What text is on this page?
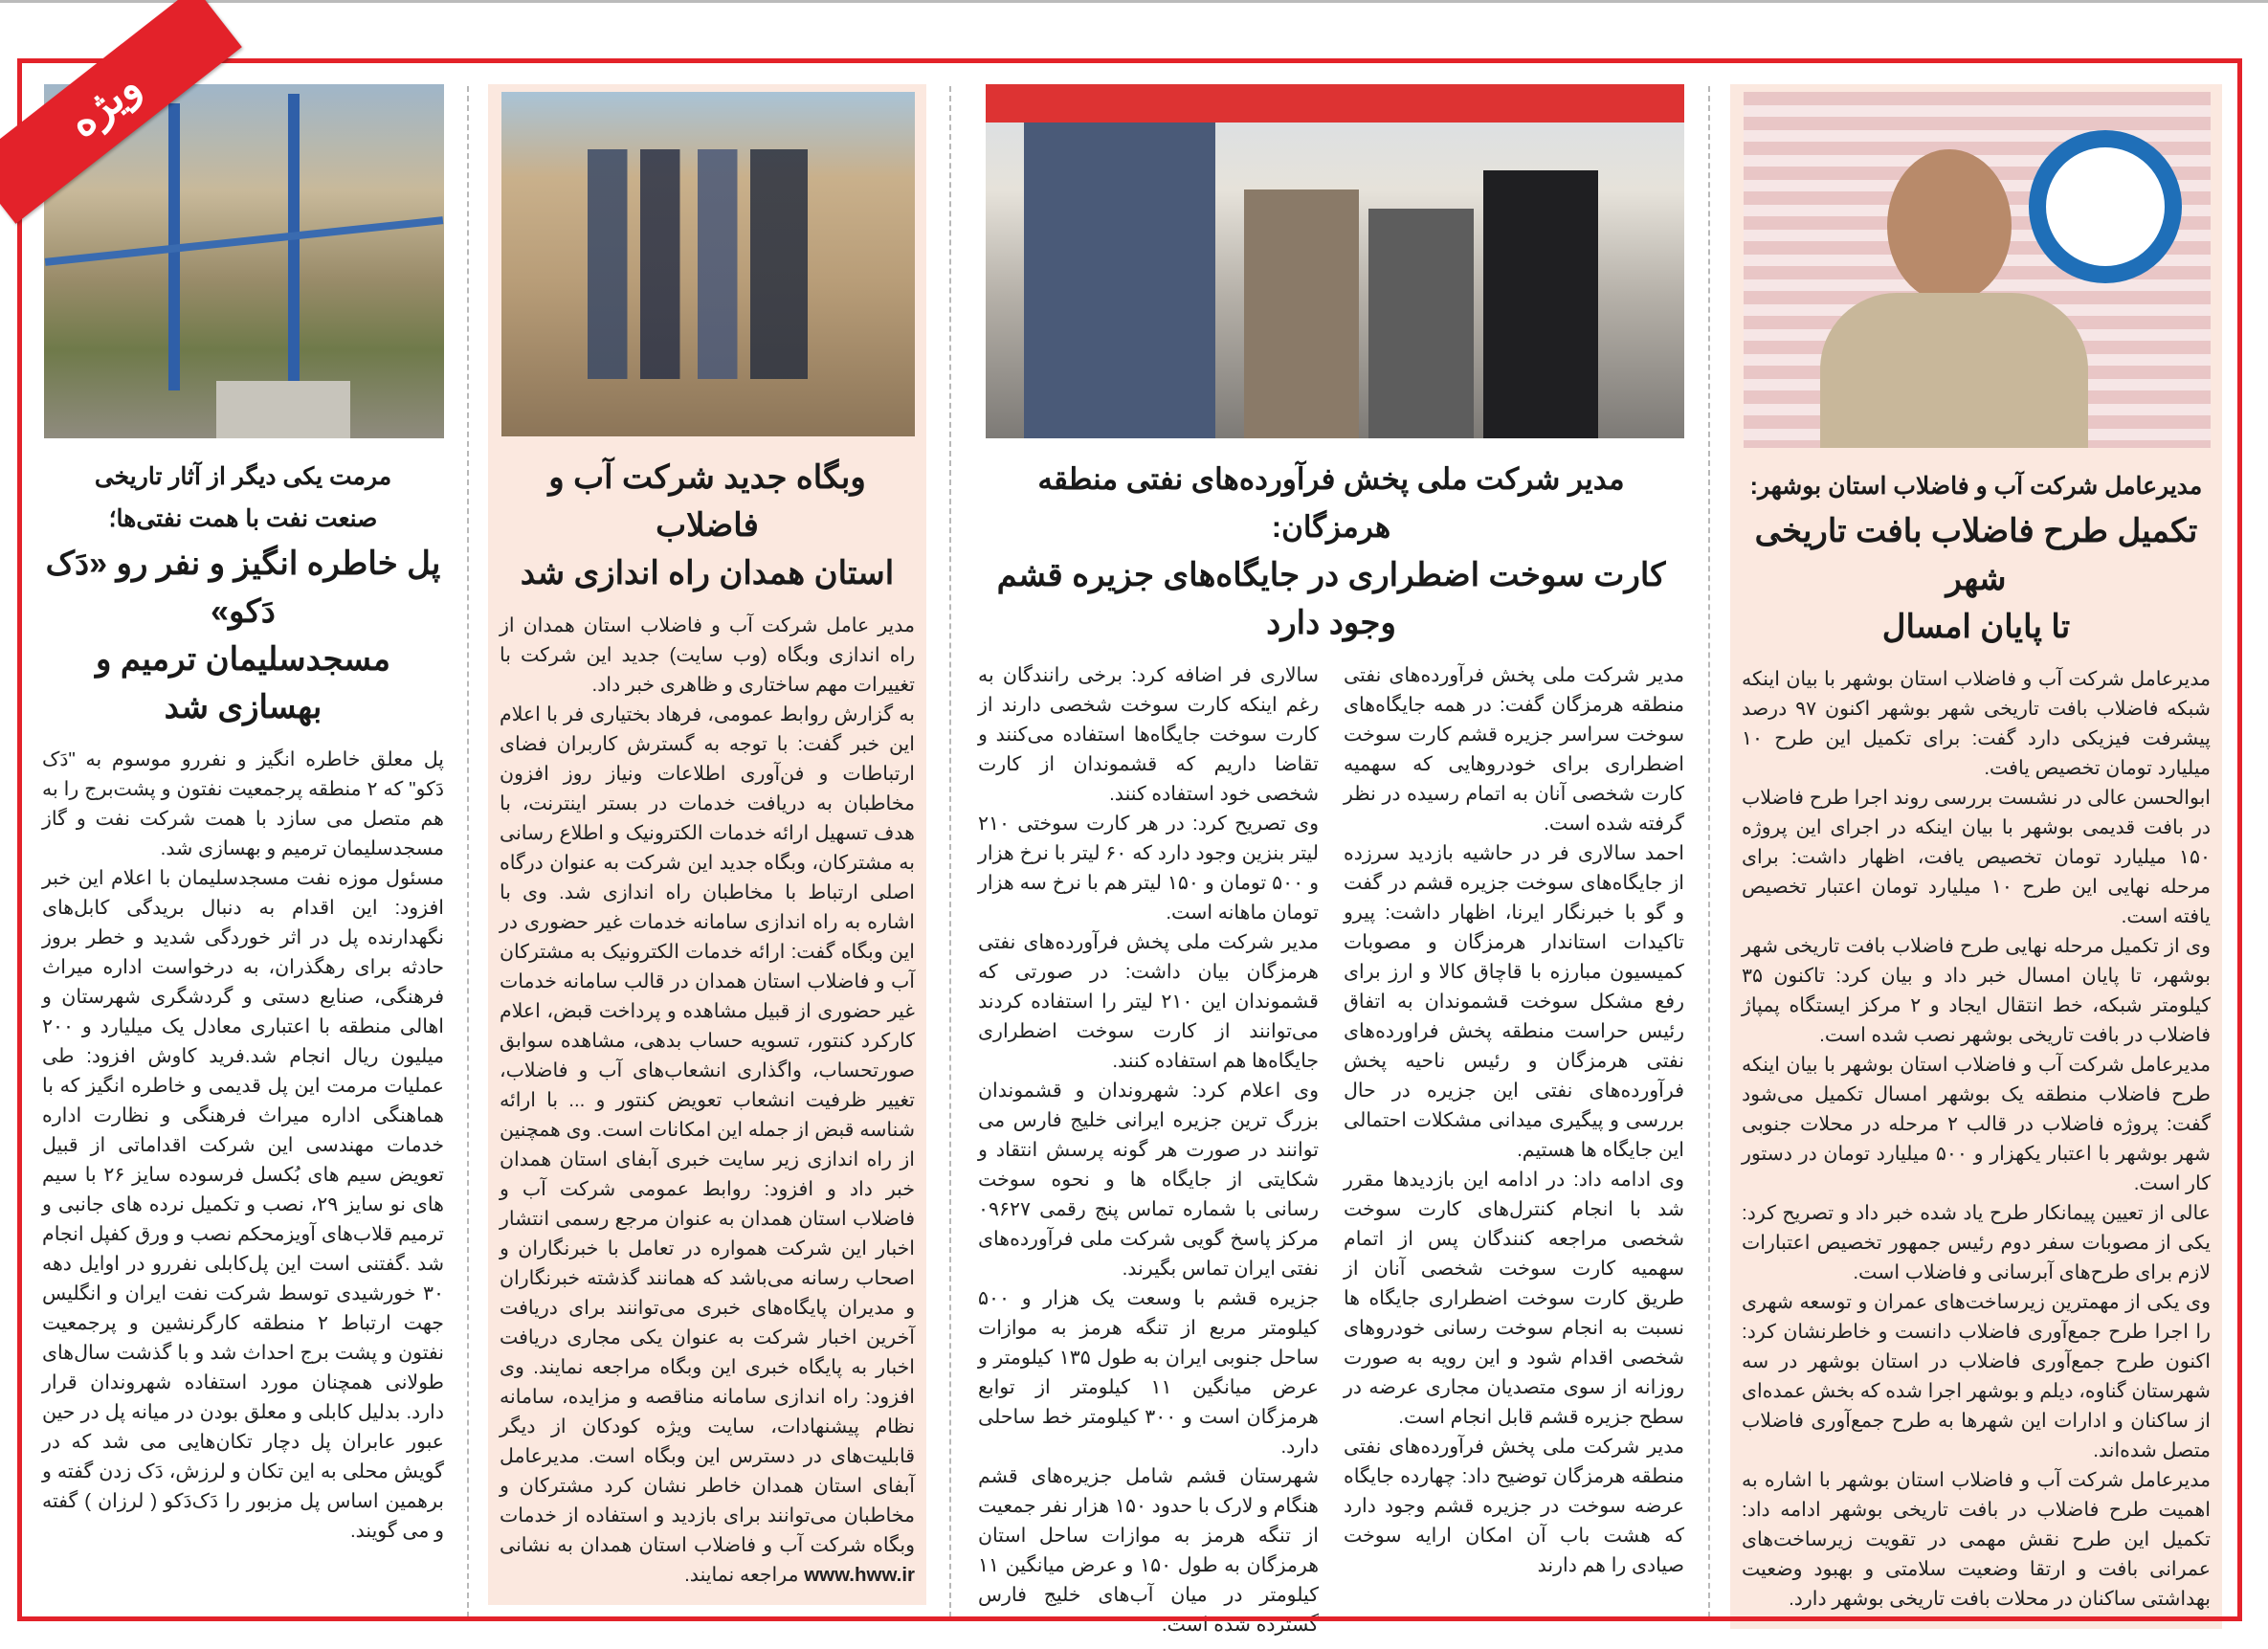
مرمت یکی دیگر از آثار تاریخی
صنعت نفت با همت نفتی‌ها؛
پل خاطره انگیز و نفر رو «دَک دَکو»
مسجدسلیمان ترمیم و بهسازی شد

پل معلق خاطره انگیز و نفررو موسوم به "دَک دَکو" که ۲ منطقه پرجمعیت نفتون و پشت‌برج را به هم متصل می سازد با همت شرکت نفت و گاز مسجدسلیمان ترمیم و بهسازی شد.

مسئول موزه نفت مسجدسلیمان با اعلام این خبر افزود: این اقدام به دنبال بریدگی کابل‌های نگهدارنده پل در اثر خوردگی شدید و خطر بروز حادثه برای رهگذران، به درخواست اداره میراث فرهنگی، صنایع دستی و گردشگری شهرستان و اهالی منطقه با اعتباری معادل یک میلیارد و ۲۰۰ میلیون ریال انجام شد.فرید کاوش افزود: طی عملیات مرمت این پل قدیمی و خاطره انگیز که با هماهنگی اداره میراث فرهنگی و نظارت اداره خدمات مهندسی این شرکت اقداماتی از قبیل تعویض سیم های بُکسل فرسوده سایز ۲۶ با سیم های نو سایز ۲۹، نصب و تکمیل نرده های جانبی و ترمیم قلاب‌های آویزمحکم نصب و ورق کفپل انجام شد .گفتنی است این پل‌کابلی نفررو در اوایل دهه ۳۰ خورشیدی توسط شرکت نفت ایران و انگلیس جهت ارتباط ۲ منطقه کارگرنشین و پرجمعیت نفتون و پشت برج احداث شد و با گذشت سال‌های طولانی همچنان مورد استفاده شهروندان قرار دارد. بدلیل کابلی و معلق بودن در میانه پل در حین عبور عابران پل دچار تکان‌هایی می شد که در گویش محلی به این تکان و لرزش، دَک زدن گفته و برهمین اساس پل مزبور را دَک‌دَکو ( لرزان ) گفته و می گویند.

وبگاه جدید شرکت آب و فاضلاب
استان همدان راه اندازی شد

مدیر عامل شرکت آب و فاضلاب استان همدان از راه اندازی وبگاه (وب سایت) جدید این شرکت با تغییرات مهم ساختاری و ظاهری خبر داد.

به گزارش روابط عمومی، فرهاد بختیاری فر با اعلام این خبر گفت: با توجه به گسترش کاربران فضای ارتباطات و فن‌آوری اطلاعات ونیاز روز افزون مخاطبان به دریافت خدمات در بستر اینترنت، با هدف تسهیل ارائه خدمات الکترونیک و اطلاع رسانی به مشترکان، وبگاه جدید این شرکت به عنوان درگاه اصلی ارتباط با مخاطبان راه اندازی شد. وی با اشاره به راه اندازی سامانه خدمات غیر حضوری در این وبگاه گفت: ارائه خدمات الکترونیک به مشترکان آب و فاضلاب استان همدان در قالب سامانه خدمات غیر حضوری از قبیل مشاهده و پرداخت قبض، اعلام کارکرد کنتور، تسویه حساب بدهی، مشاهده سوابق صورتحساب، واگذاری انشعاب‌های آب و فاضلاب، تغییر ظرفیت انشعاب تعویض کنتور و ... با ارائه شناسه قبض از جمله این امکانات است. وی همچنین از راه اندازی زیر سایت خبری آبفای استان همدان خبر داد و افزود: روابط عمومی شرکت آب و فاضلاب استان همدان به عنوان مرجع رسمی انتشار اخبار این شرکت همواره در تعامل با خبرنگاران و اصحاب رسانه می‌باشد که همانند گذشته خبرنگاران و مدیران پایگاه‌های خبری می‌توانند برای دریافت آخرین اخبار شرکت به عنوان یکی مجاری دریافت اخبار به پایگاه خبری این وبگاه مراجعه نمایند. وی افزود: راه اندازی سامانه مناقصه و مزایده، سامانه نظام پیشنهادات، سایت ویژه کودکان از دیگر قابلیت‌های در دسترس این وبگاه است. مدیرعامل آبفای استان همدان خاطر نشان کرد مشترکان و مخاطبان می‌توانند برای بازدید و استفاده از خدمات وبگاه شرکت آب و فاضلاب استان همدان به نشانی www.hww.ir مراجعه نمایند.

مدیر شرکت ملی پخش فرآورده‌های نفتی منطقه هرمزگان:
کارت سوخت اضطراری در جایگاه‌های جزیره قشم وجود دارد

مدیر شرکت ملی پخش فرآورده‌های نفتی منطقه هرمزگان گفت: در همه جایگاه‌های سوخت سراسر جزیره قشم کارت سوخت اضطراری برای خودروهایی که سهمیه کارت شخصی آنان به اتمام رسیده در نظر گرفته شده است.

احمد سالاری فر در حاشیه بازدید سرزده از جایگاه‌های سوخت جزیره قشم در گفت و گو با خبرنگار ایرنا، اظهار داشت: پیرو تاکیدات استاندار هرمزگان و مصوبات کمیسیون مبارزه با قاچاق کالا و ارز برای رفع مشکل سوخت قشموندان به اتفاق رئیس حراست منطقه پخش فراورده‌های نفتی هرمزگان و رئیس ناحیه پخش فرآورده‌های نفتی این جزیره در حال بررسی و پیگیری میدانی مشکلات احتمالی این جایگاه ها هستیم.

وی ادامه داد: در ادامه این بازدیدها مقرر شد با انجام کنترل‌های کارت سوخت شخصی مراجعه کنندگان پس از اتمام سهمیه کارت سوخت شخصی آنان از طریق کارت سوخت اضطراری جایگاه ها نسبت به انجام سوخت رسانی خودروهای شخصی اقدام شود و این رویه به صورت روزانه از سوی متصدیان مجاری عرضه در سطح جزیره قشم قابل انجام است.

مدیر شرکت ملی پخش فرآورده‌های نفتی منطقه هرمزگان توضیح داد: چهارده جایگاه عرضه سوخت در جزیره قشم وجود دارد که هشت باب آن امکان ارایه سوخت صیادی را هم دارند

سالاری فر اضافه کرد: برخی رانندگان به رغم اینکه کارت سوخت شخصی دارند از کارت سوخت جایگاه‌ها استفاده می‌کنند و تقاضا داریم که قشموندان از کارت شخصی خود استفاده کنند.

وی تصریح کرد: در هر کارت سوختی ۲۱۰ لیتر بنزین وجود دارد که ۶۰ لیتر با نرخ هزار و ۵۰۰ تومان و ۱۵۰ لیتر هم با نرخ سه هزار تومان ماهانه است.

مدیر شرکت ملی پخش فرآورده‌های نفتی هرمزگان بیان داشت: در صورتی که قشموندان این ۲۱۰ لیتر را استفاده کردند می‌توانند از کارت سوخت اضطراری جایگاه‌ها هم استفاده کنند.

وی اعلام کرد: شهروندان و قشموندان بزرگ ترین جزیره ایرانی خلیج فارس می توانند در صورت هر گونه پرسش انتقاد و شکایتی از جایگاه ها و نحوه سوخت رسانی با شماره تماس پنج رقمی ۰۹۶۲۷ مرکز پاسخ گویی شرکت ملی فرآورده‌های نفتی ایران تماس بگیرند.

جزیره قشم با وسعت یک هزار و ۵۰۰ کیلومتر مربع از تنگه هرمز به موازات ساحل جنوبی ایران به طول ۱۳۵ کیلومتر و عرض میانگین ۱۱ کیلومتر از توابع هرمزگان است و ۳۰۰ کیلومتر خط ساحلی دارد.

شهرستان قشم شامل جزیره‌های قشم هنگام و لارک با حدود ۱۵۰ هزار نفر جمعیت از تنگه هرمز به موازات ساحل استان هرمزگان به طول ۱۵۰ و عرض میانگین ۱۱ کیلومتر در میان آب‌های خلیج فارس گسترده شده است.

مدیرعامل شرکت آب و فاضلاب استان بوشهر:
تکمیل طرح فاضلاب بافت تاریخی شهر
تا پایان امسال

مدیرعامل شرکت آب و فاضلاب استان بوشهر با بیان اینکه شبکه فاضلاب بافت تاریخی شهر بوشهر اکنون ۹۷ درصد پیشرفت فیزیکی دارد گفت: برای تکمیل این طرح ۱۰ میلیارد تومان تخصیص یافت.

ابوالحسن عالی در نشست بررسی روند اجرا طرح فاضلاب در بافت قدیمی بوشهر با بیان اینکه در اجرای این پروژه ۱۵۰ میلیارد تومان تخصیص یافت، اظهار داشت: برای مرحله نهایی این طرح ۱۰ میلیارد تومان اعتبار تخصیص یافته است.

وی از تکمیل مرحله نهایی طرح فاضلاب بافت تاریخی شهر بوشهر، تا پایان امسال خبر داد و بیان کرد: تاکنون ۳۵ کیلومتر شبکه، خط انتقال ایجاد و ۲ مرکز ایستگاه پمپاژ فاضلاب در بافت تاریخی بوشهر نصب شده است.

مدیرعامل شرکت آب و فاضلاب استان بوشهر با بیان اینکه طرح فاضلاب منطقه یک بوشهر امسال تکمیل می‌شود گفت: پروژه فاضلاب در قالب ۲ مرحله در محلات جنوبی شهر بوشهر با اعتبار یکهزار و ۵۰۰ میلیارد تومان در دستور کار است.

عالی از تعیین پیمانکار طرح یاد شده خبر داد و تصریح کرد: یکی از مصوبات سفر دوم رئیس جمهور تخصیص اعتبارات لازم برای طرح‌های آبرسانی و فاضلاب است.

وی یکی از مهمترین زیرساخت‌های عمران و توسعه شهری را اجرا طرح جمع‌آوری فاضلاب دانست و خاطرنشان کرد: اکنون طرح جمع‌آوری فاضلاب در استان بوشهر در سه شهرستان گناوه، دیلم و بوشهر اجرا شده که بخش عمده‌ای از ساکنان و ادارات این شهرها به طرح جمع‌آوری فاضلاب متصل شده‌اند.

مدیرعامل شرکت آب و فاضلاب استان بوشهر با اشاره به اهمیت طرح فاضلاب در بافت تاریخی بوشهر ادامه داد: تکمیل این طرح نقش مهمی در تقویت زیرساخت‌های عمرانی بافت و ارتقا وضعیت سلامتی و بهبود وضعیت بهداشتی ساکنان در محلات بافت تاریخی بوشهر دارد.

ویژه
